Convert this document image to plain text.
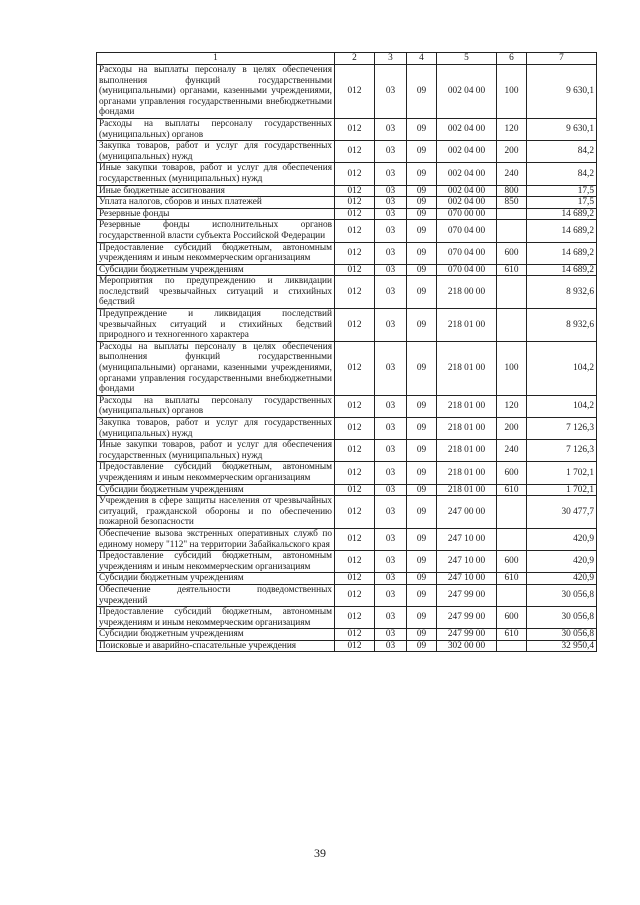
1	2	3	4	5	6	7
Расходы на выплаты персоналу в целях обеспечения выполнения функций государственными (муниципальными) органами, казенными учреждениями, органами управления государственными внебюджетными фондами	012	03	09	002 04 00	100	9 630,1
Расходы на выплаты персоналу государственных (муниципальных) органов	012	03	09	002 04 00	120	9 630,1
Закупка товаров, работ и услуг для государственных (муниципальных) нужд	012	03	09	002 04 00	200	84,2
Иные закупки товаров, работ и услуг для обеспечения государственных (муниципальных) нужд	012	03	09	002 04 00	240	84,2
Иные бюджетные ассигнования	012	03	09	002 04 00	800	17,5
Уплата налогов, сборов и иных платежей	012	03	09	002 04 00	850	17,5
Резервные фонды	012	03	09	070 00 00		14 689,2
Резервные фонды исполнительных органов государственной власти субъекта Российской Федерации	012	03	09	070 04 00		14 689,2
Предоставление субсидий бюджетным, автономным учреждениям и иным некоммерческим организациям	012	03	09	070 04 00	600	14 689,2
Субсидии бюджетным учреждениям	012	03	09	070 04 00	610	14 689,2
Мероприятия по предупреждению и ликвидации последствий чрезвычайных ситуаций и стихийных бедствий	012	03	09	218 00 00		8 932,6
Предупреждение и ликвидация последствий чрезвычайных ситуаций и стихийных бедствий природного и техногенного характера	012	03	09	218 01 00		8 932,6
Расходы на выплаты персоналу в целях обеспечения выполнения функций государственными (муниципальными) органами, казенными учреждениями, органами управления государственными внебюджетными фондами	012	03	09	218 01 00	100	104,2
Расходы на выплаты персоналу государственных (муниципальных) органов	012	03	09	218 01 00	120	104,2
Закупка товаров, работ и услуг для государственных (муниципальных) нужд	012	03	09	218 01 00	200	7 126,3
Иные закупки товаров, работ и услуг для обеспечения государственных (муниципальных) нужд	012	03	09	218 01 00	240	7 126,3
Предоставление субсидий бюджетным, автономным учреждениям и иным некоммерческим организациям	012	03	09	218 01 00	600	1 702,1
Субсидии бюджетным учреждениям	012	03	09	218 01 00	610	1 702,1
Учреждения в сфере защиты населения от чрезвычайных ситуаций, гражданской обороны и по обеспечению пожарной безопасности	012	03	09	247 00 00		30 477,7
Обеспечение вызова экстренных оперативных служб по единому номеру "112" на территории Забайкальского края	012	03	09	247 10 00		420,9
Предоставление субсидий бюджетным, автономным учреждениям и иным некоммерческим организациям	012	03	09	247 10 00	600	420,9
Субсидии бюджетным учреждениям	012	03	09	247 10 00	610	420,9
Обеспечение деятельности подведомственных учреждений	012	03	09	247 99 00		30 056,8
Предоставление субсидий бюджетным, автономным учреждениям и иным некоммерческим организациям	012	03	09	247 99 00	600	30 056,8
Субсидии бюджетным учреждениям	012	03	09	247 99 00	610	30 056,8
Поисковые и аварийно-спасательные учреждения	012	03	09	302 00 00		32 950,4
39
